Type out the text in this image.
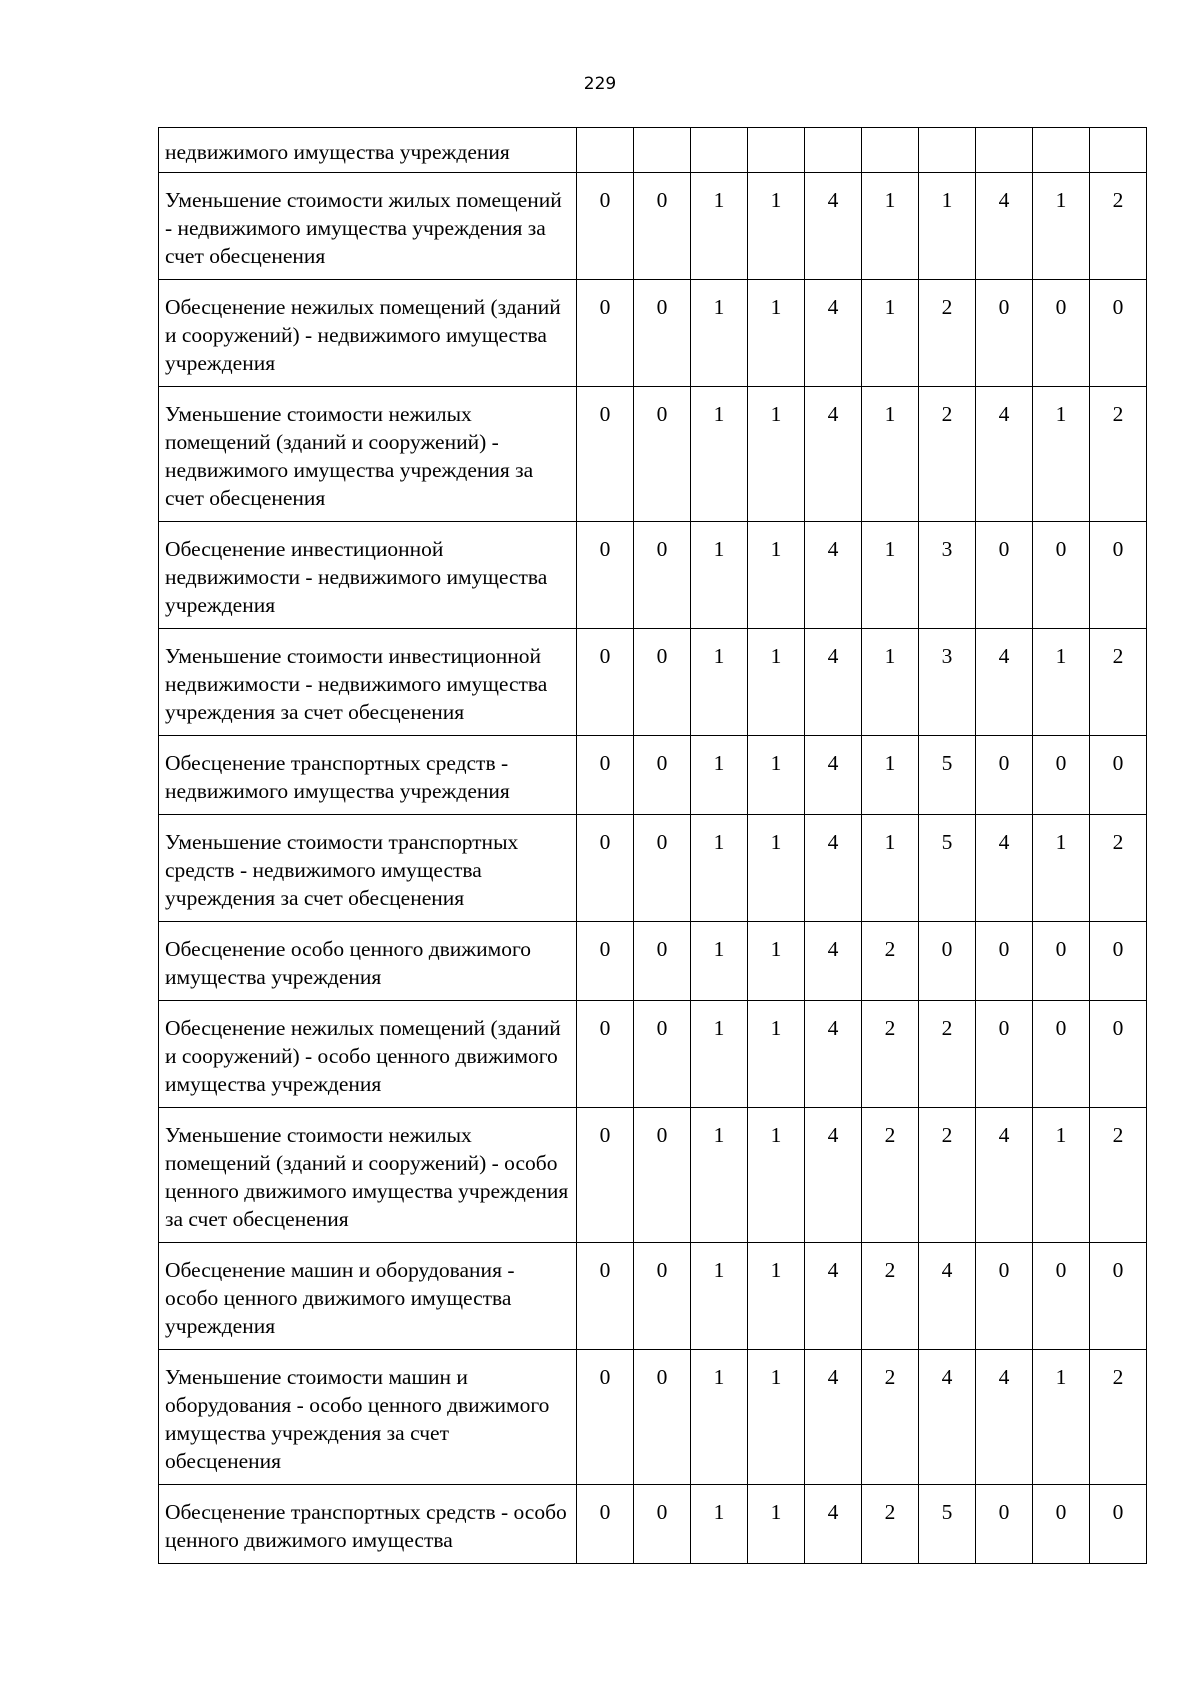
229
недвижимого имущества учреждения										
Уменьшение стоимости жилых помещений - недвижимого имущества учреждения за счет обесценения	0	0	1	1	4	1	1	4	1	2
Обесценение нежилых помещений (зданий и сооружений) - недвижимого имущества учреждения	0	0	1	1	4	1	2	0	0	0
Уменьшение стоимости нежилых помещений (зданий и сооружений) - недвижимого имущества учреждения за счет обесценения	0	0	1	1	4	1	2	4	1	2
Обесценение инвестиционной недвижимости - недвижимого имущества учреждения	0	0	1	1	4	1	3	0	0	0
Уменьшение стоимости инвестиционной недвижимости - недвижимого имущества учреждения за счет обесценения	0	0	1	1	4	1	3	4	1	2
Обесценение транспортных средств - недвижимого имущества учреждения	0	0	1	1	4	1	5	0	0	0
Уменьшение стоимости транспортных средств - недвижимого имущества учреждения за счет обесценения	0	0	1	1	4	1	5	4	1	2
Обесценение особо ценного движимого имущества учреждения	0	0	1	1	4	2	0	0	0	0
Обесценение нежилых помещений (зданий и сооружений) - особо ценного движимого имущества учреждения	0	0	1	1	4	2	2	0	0	0
Уменьшение стоимости нежилых помещений (зданий и сооружений) - особо ценного движимого имущества учреждения за счет обесценения	0	0	1	1	4	2	2	4	1	2
Обесценение машин и оборудования - особо ценного движимого имущества учреждения	0	0	1	1	4	2	4	0	0	0
Уменьшение стоимости машин и оборудования - особо ценного движимого имущества учреждения за счет обесценения	0	0	1	1	4	2	4	4	1	2
Обесценение транспортных средств - особо ценного движимого имущества	0	0	1	1	4	2	5	0	0	0
